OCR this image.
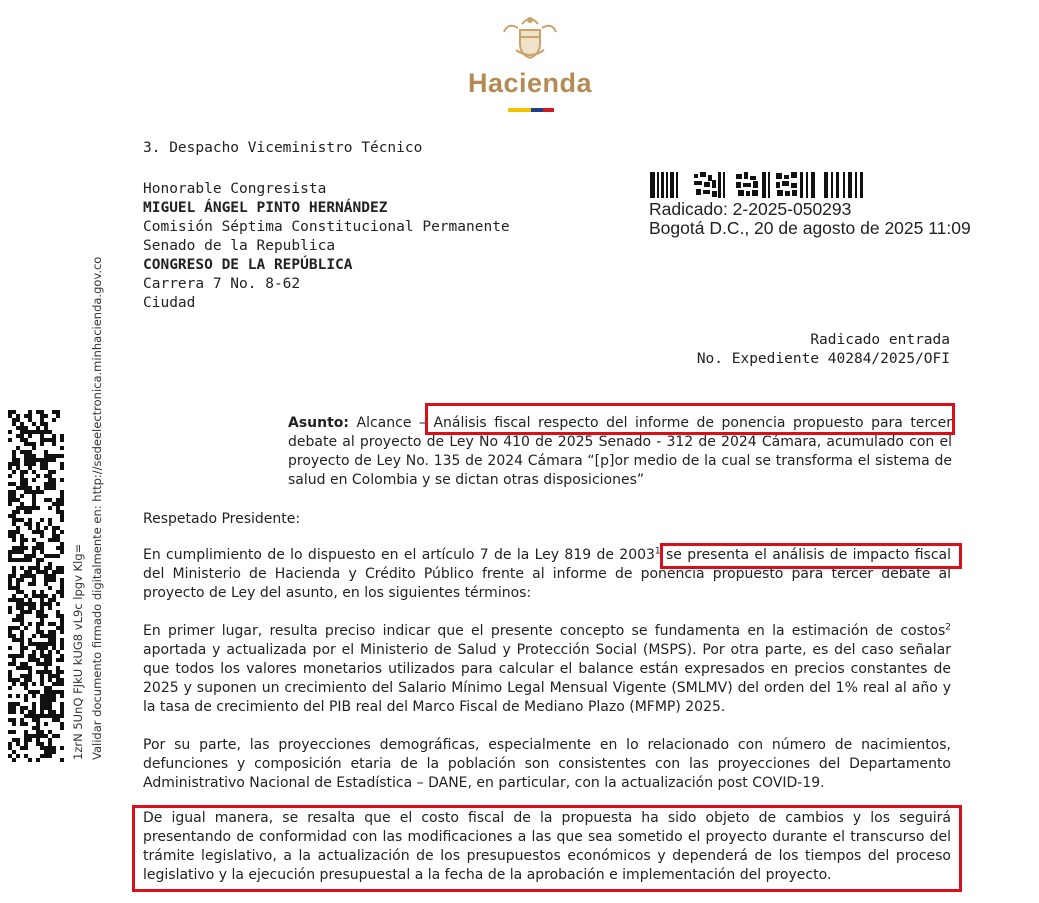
Hacienda
3. Despacho Viceministro Técnico
Honorable Congresista
MIGUEL ÁNGEL PINTO HERNÁNDEZ
Comisión Séptima Constitucional Permanente
Senado de la Republica
CONGRESO DE LA REPÚBLICA
Carrera 7 No. 8-62
Ciudad
Radicado: 2-2025-050293
Bogotá D.C., 20 de agosto de 2025 11:09
Radicado entrada
No. Expediente 40284/2025/OFI
Asunto: Alcance – Análisis fiscal respecto del informe de ponencia propuesto para tercer debate al proyecto de Ley No 410 de 2025 Senado - 312 de 2024 Cámara, acumulado con el proyecto de Ley No. 135 de 2024 Cámara “[p]or medio de la cual se transforma el sistema de salud en Colombia y se dictan otras disposiciones”
Respetado Presidente:
En cumplimiento de lo dispuesto en el artículo 7 de la Ley 819 de 2003$^1$ se presenta el análisis de impacto fiscal del Ministerio de Hacienda y Crédito Público frente al informe de ponencia propuesto para tercer debate al proyecto de Ley del asunto, en los siguientes términos:
En primer lugar, resulta preciso indicar que el presente concepto se fundamenta en la estimación de costos$^2$ aportada y actualizada por el Ministerio de Salud y Protección Social (MSPS). Por otra parte, es del caso señalar que todos los valores monetarios utilizados para calcular el balance están expresados en precios constantes de 2025 y suponen un crecimiento del Salario Mínimo Legal Mensual Vigente (SMLMV) del orden del 1% real al año y la tasa de crecimiento del PIB real del Marco Fiscal de Mediano Plazo (MFMP) 2025.
Por su parte, las proyecciones demográficas, especialmente en lo relacionado con número de nacimientos, defunciones y composición etaria de la población son consistentes con las proyecciones del Departamento Administrativo Nacional de Estadística – DANE, en particular, con la actualización post COVID-19.
De igual manera, se resalta que el costo fiscal de la propuesta ha sido objeto de cambios y los seguirá presentando de conformidad con las modificaciones a las que sea sometido el proyecto durante el transcurso del trámite legislativo, a la actualización de los presupuestos económicos y dependerá de los tiempos del proceso legislativo y la ejecución presupuestal a la fecha de la aprobación e implementación del proyecto.
Validar documento firmado digitalmente en: http://sedeelectronica.minhacienda.gov.co
1zrN 5UnQ FJkU kUG8 vL9c lpgv Klg=
